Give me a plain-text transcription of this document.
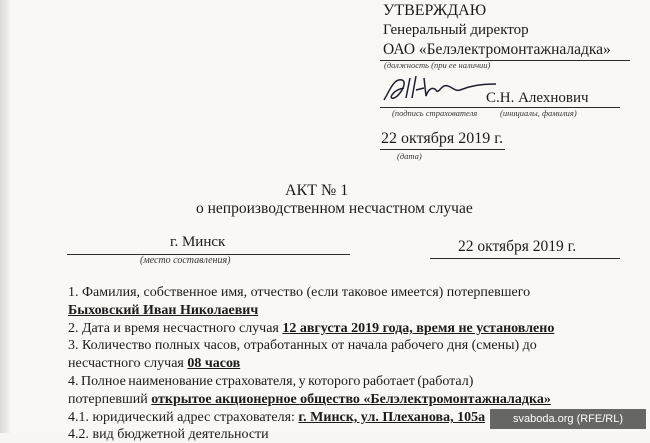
УТВЕРЖДАЮ
Генеральный директор
ОАО «Белэлектромонтажналадка»
(должность (при ее наличии)
С.Н. Алехнович
(подпись страхователя	(инициалы, фамилия)
22 октября 2019 г.
(дата)
АКТ № 1
о непроизводственном несчастном случае
г. Минск
(место составления)
22 октября 2019 г.
1. Фамилия, собственное имя, отчество (если таковое имеется) потерпевшего
Быховский Иван Николаевич
2. Дата и время несчастного случая 12 августа 2019 года, время не установлено
3. Количество полных часов, отработанных от начала рабочего дня (смены) до
несчастного случая 08 часов
4. Полное наименование страхователя, у которого работает (работал)
потерпевший открытое акционерное общество «Белэлектромонтажналадка»
4.1. юридический адрес страхователя: г. Минск, ул. Плеханова, 105а
4.2. вид бюджетной деятельности
svaboda.org (RFE/RL)
